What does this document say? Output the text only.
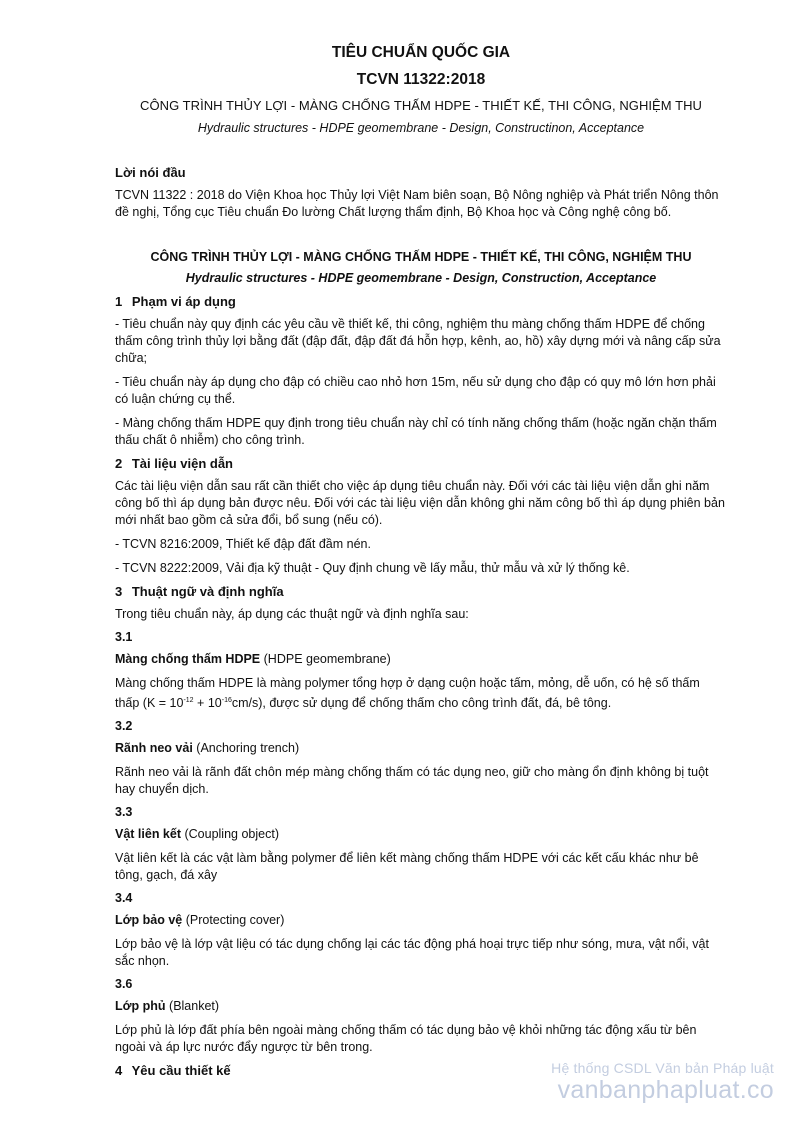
TIÊU CHUẨN QUỐC GIA
TCVN 11322:2018
CÔNG TRÌNH THỦY LỢI - MÀNG CHỐNG THẤM HDPE - THIẾT KẾ, THI CÔNG, NGHIỆM THU
Hydraulic structures - HDPE geomembrane - Design, Constructinon, Acceptance
Lời nói đầu

TCVN 11322 : 2018 do Viện Khoa học Thủy lợi Việt Nam biên soạn, Bộ Nông nghiệp và Phát triển Nông thôn đề nghị, Tổng cục Tiêu chuẩn Đo lường Chất lượng thẩm định, Bộ Khoa học và Công nghệ công bố.

CÔNG TRÌNH THỦY LỢI - MÀNG CHỐNG THẤM HDPE - THIẾT KẾ, THI CÔNG, NGHIỆM THU
Hydraulic structures - HDPE geomembrane - Design, Construction, Acceptance
1 Phạm vi áp dụng

- Tiêu chuẩn này quy định các yêu cầu về thiết kế, thi công, nghiệm thu màng chống thấm HDPE để chống thấm công trình thủy lợi bằng đất (đập đất, đập đất đá hỗn hợp, kênh, ao, hồ) xây dựng mới và nâng cấp sửa chữa;

- Tiêu chuẩn này áp dụng cho đập có chiều cao nhỏ hơn 15m, nếu sử dụng cho đập có quy mô lớn hơn phải có luận chứng cụ thể.

- Màng chống thấm HDPE quy định trong tiêu chuẩn này chỉ có tính năng chống thấm (hoặc ngăn chặn thấm thấu chất ô nhiễm) cho công trình.

2 Tài liệu viện dẫn

Các tài liệu viện dẫn sau rất cần thiết cho việc áp dụng tiêu chuẩn này. Đối với các tài liệu viện dẫn ghi năm công bố thì áp dụng bản được nêu. Đối với các tài liệu viện dẫn không ghi năm công bố thì áp dụng phiên bản mới nhất bao gồm cả sửa đổi, bổ sung (nếu có).

- TCVN 8216:2009, Thiết kế đập đất đầm nén.

- TCVN 8222:2009, Vải địa kỹ thuật - Quy định chung về lấy mẫu, thử mẫu và xử lý thống kê.

3 Thuật ngữ và định nghĩa

Trong tiêu chuẩn này, áp dụng các thuật ngữ và định nghĩa sau:

3.1

Màng chống thấm HDPE (HDPE geomembrane)

Màng chống thấm HDPE là màng polymer tổng hợp ở dạng cuộn hoặc tấm, mỏng, dễ uốn, có hệ số thấm thấp $(K = 10^{-12} + 10^{-16}cm/s)$, được sử dụng để chống thấm cho công trình đất, đá, bê tông.

3.2

Rãnh neo vải (Anchoring trench)

Rãnh neo vải là rãnh đất chôn mép màng chống thấm có tác dụng neo, giữ cho màng ổn định không bị tuột hay chuyển dịch.

3.3

Vật liên kết (Coupling object)

Vật liên kết là các vật làm bằng polymer để liên kết màng chống thấm HDPE với các kết cấu khác như bê tông, gạch, đá xây

3.4

Lớp bảo vệ (Protecting cover)

Lớp bảo vệ là lớp vật liệu có tác dụng chống lại các tác động phá hoại trực tiếp như sóng, mưa, vật nổi, vật sắc nhọn.

3.6

Lớp phủ (Blanket)

Lớp phủ là lớp đất phía bên ngoài màng chống thấm có tác dụng bảo vệ khỏi những tác động xấu từ bên ngoài và áp lực nước đẩy ngược từ bên trong.

4 Yêu cầu thiết kế	Hệ thống CSDL Văn bản Pháp luật
vanbanphapluat.co
